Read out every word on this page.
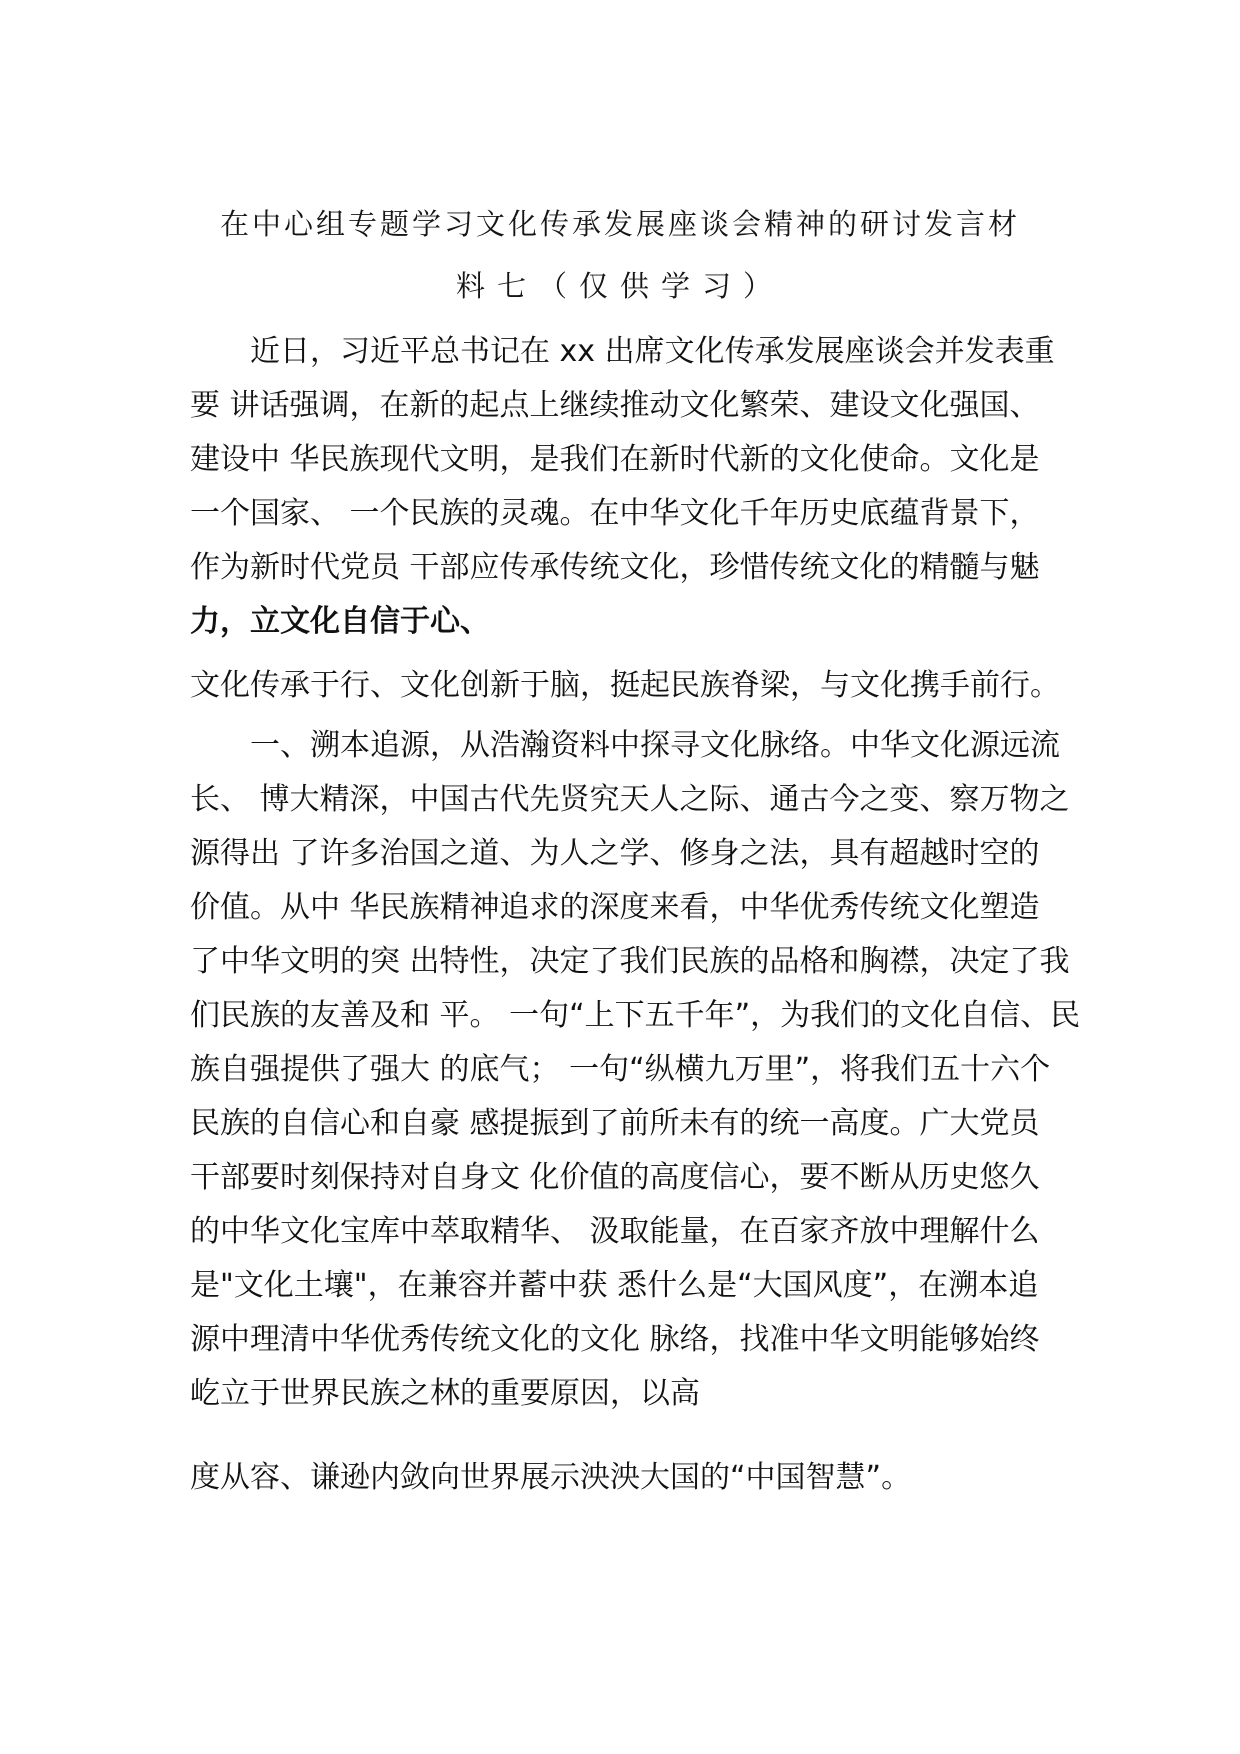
在中心组专题学习文化传承发展座谈会精神的研讨发言材
料七（仅供学习）
近日，习近平总书记在 xx 出席文化传承发展座谈会并发表重
要 讲话强调，在新的起点上继续推动文化繁荣、建设文化强国、
建设中 华民族现代文明，是我们在新时代新的文化使命。文化是
一个国家、 一个民族的灵魂。在中华文化千年历史底蕴背景下，
作为新时代党员 干部应传承传统文化，珍惜传统文化的精髓与魅
力，立文化自信于心、
文化传承于行、文化创新于脑，挺起民族脊梁，与文化携手前行。
一、溯本追源，从浩瀚资料中探寻文化脉络。中华文化源远流
长、 博大精深，中国古代先贤究天人之际、通古今之变、察万物之
源得出 了许多治国之道、为人之学、修身之法，具有超越时空的
价值。从中 华民族精神追求的深度来看，中华优秀传统文化塑造
了中华文明的突 出特性，决定了我们民族的品格和胸襟，决定了我
们民族的友善及和 平。 一句“上下五千年”，为我们的文化自信、民
族自强提供了强大 的底气； 一句“纵横九万里”，将我们五十六个
民族的自信心和自豪 感提振到了前所未有的统一高度。广大党员
干部要时刻保持对自身文 化价值的高度信心，要不断从历史悠久
的中华文化宝库中萃取精华、 汲取能量，在百家齐放中理解什么
是"文化土壤"，在兼容并蓄中获 悉什么是“大国风度”，在溯本追
源中理清中华优秀传统文化的文化 脉络，找准中华文明能够始终
屹立于世界民族之林的重要原因，以高
度从容、谦逊内敛向世界展示泱泱大国的“中国智慧”。
